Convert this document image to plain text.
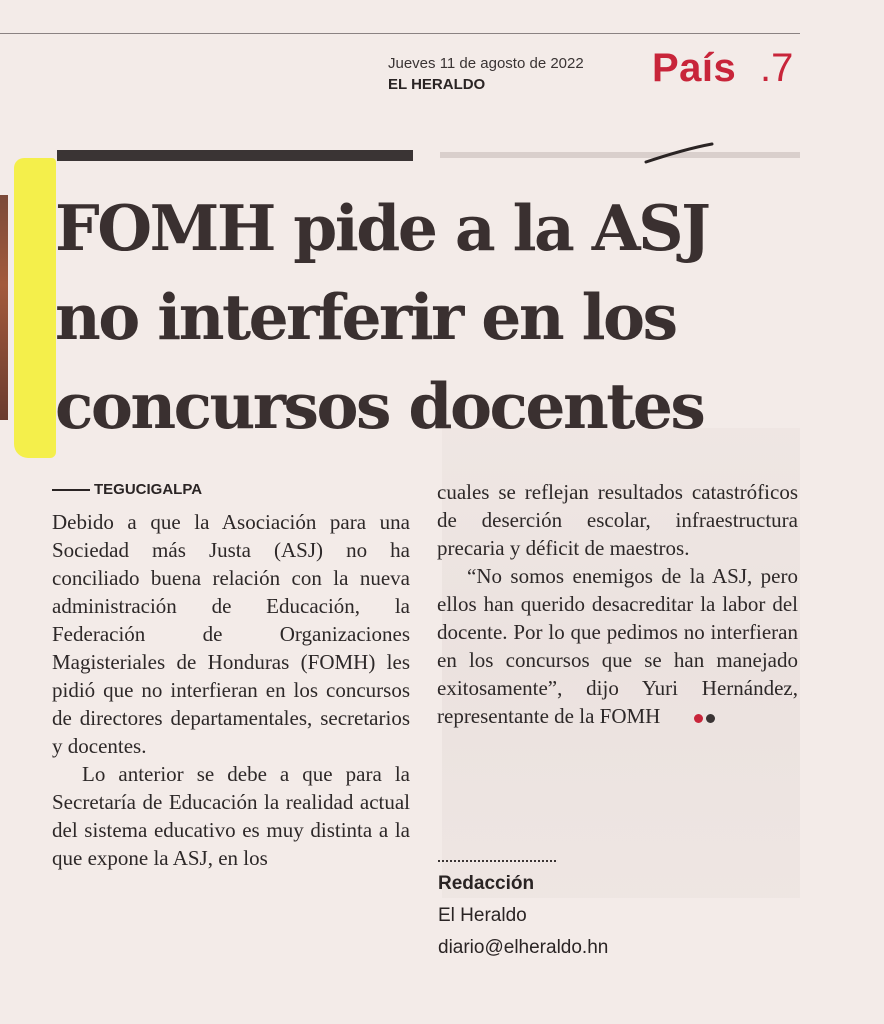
Jueves 11 de agosto de 2022
EL HERALDO	País .7
FOMH pide a la ASJ
no interferir en los
concursos docentes
TEGUCIGALPA

Debido a que la Asociación para una Sociedad más Justa (ASJ) no ha conciliado buena relación con la nueva administración de Educación, la Federación de Organizaciones Magisteriales de Honduras (FOMH) les pidió que no interfieran en los concursos de directores departamentales, secretarios y docentes.

Lo anterior se debe a que para la Secretaría de Educación la realidad actual del sistema educativo es muy distinta a la que expone la ASJ, en los

cuales se reflejan resultados catastróficos de deserción escolar, infraestructura precaria y déficit de maestros.

“No somos enemigos de la ASJ, pero ellos han querido desacreditar la labor del docente. Por lo que pedimos no interfieran en los concursos que se han manejado exitosamente”, dijo Yuri Hernández, representante de la FOMH

Redacción
El Heraldo
diario@elheraldo.hn
